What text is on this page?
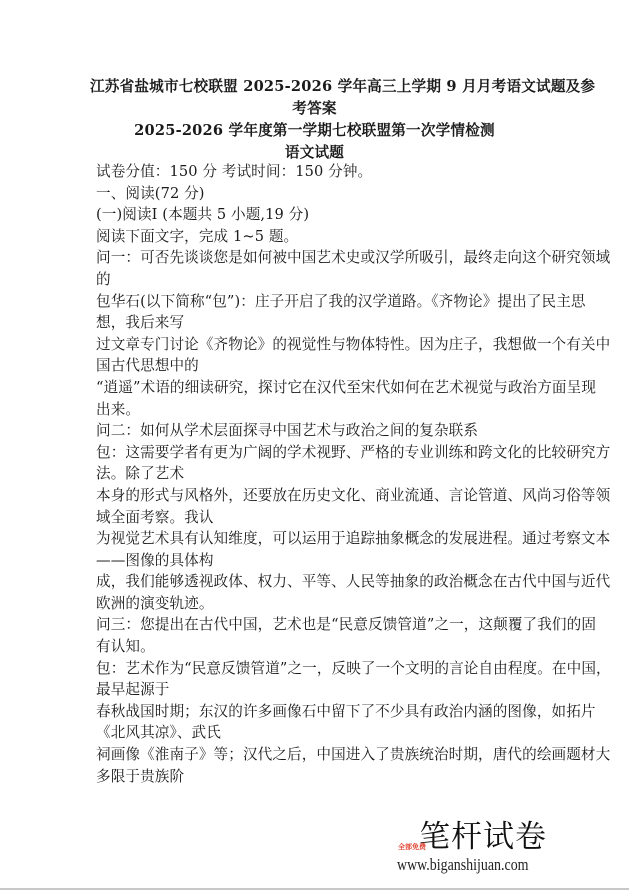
江苏省盐城市七校联盟 2025-2026 学年高三上学期 9 月月考语文试题及参
考答案
2025-2026 学年度第一学期七校联盟第一次学情检测
语文试题
试卷分值：150 分 考试时间：150 分钟。
一、阅读(72 分)
(一)阅读Ⅰ (本题共 5 小题,19 分)
阅读下面文字，完成 1~5 题。
问一：可否先谈谈您是如何被中国艺术史或汉学所吸引，最终走向这个研究领域
的
包华石(以下简称“包”)：庄子开启了我的汉学道路。《齐物论》提出了民主思
想，我后来写
过文章专门讨论《齐物论》的视觉性与物体特性。因为庄子，我想做一个有关中
国古代思想中的
“逍遥”术语的细读研究，探讨它在汉代至宋代如何在艺术视觉与政治方面呈现
出来。
问二：如何从学术层面探寻中国艺术与政治之间的复杂联系
包：这需要学者有更为广阔的学术视野、严格的专业训练和跨文化的比较研究方
法。除了艺术
本身的形式与风格外，还要放在历史文化、商业流通、言论管道、风尚习俗等领
域全面考察。我认
为视觉艺术具有认知维度，可以运用于追踪抽象概念的发展进程。通过考察文本
——图像的具体构
成，我们能够透视政体、权力、平等、人民等抽象的政治概念在古代中国与近代
欧洲的演变轨迹。
问三：您提出在古代中国，艺术也是“民意反馈管道”之一，这颠覆了我们的固
有认知。
包：艺术作为“民意反馈管道”之一，反映了一个文明的言论自由程度。在中国，
最早起源于
春秋战国时期；东汉的许多画像石中留下了不少具有政治内涵的图像，如拓片
《北风其凉》、武氏
祠画像《淮南子》等；汉代之后，中国进入了贵族统治时期，唐代的绘画题材大
多限于贵族阶
笔杆试卷
全部免费
www.biganshijuan.com
